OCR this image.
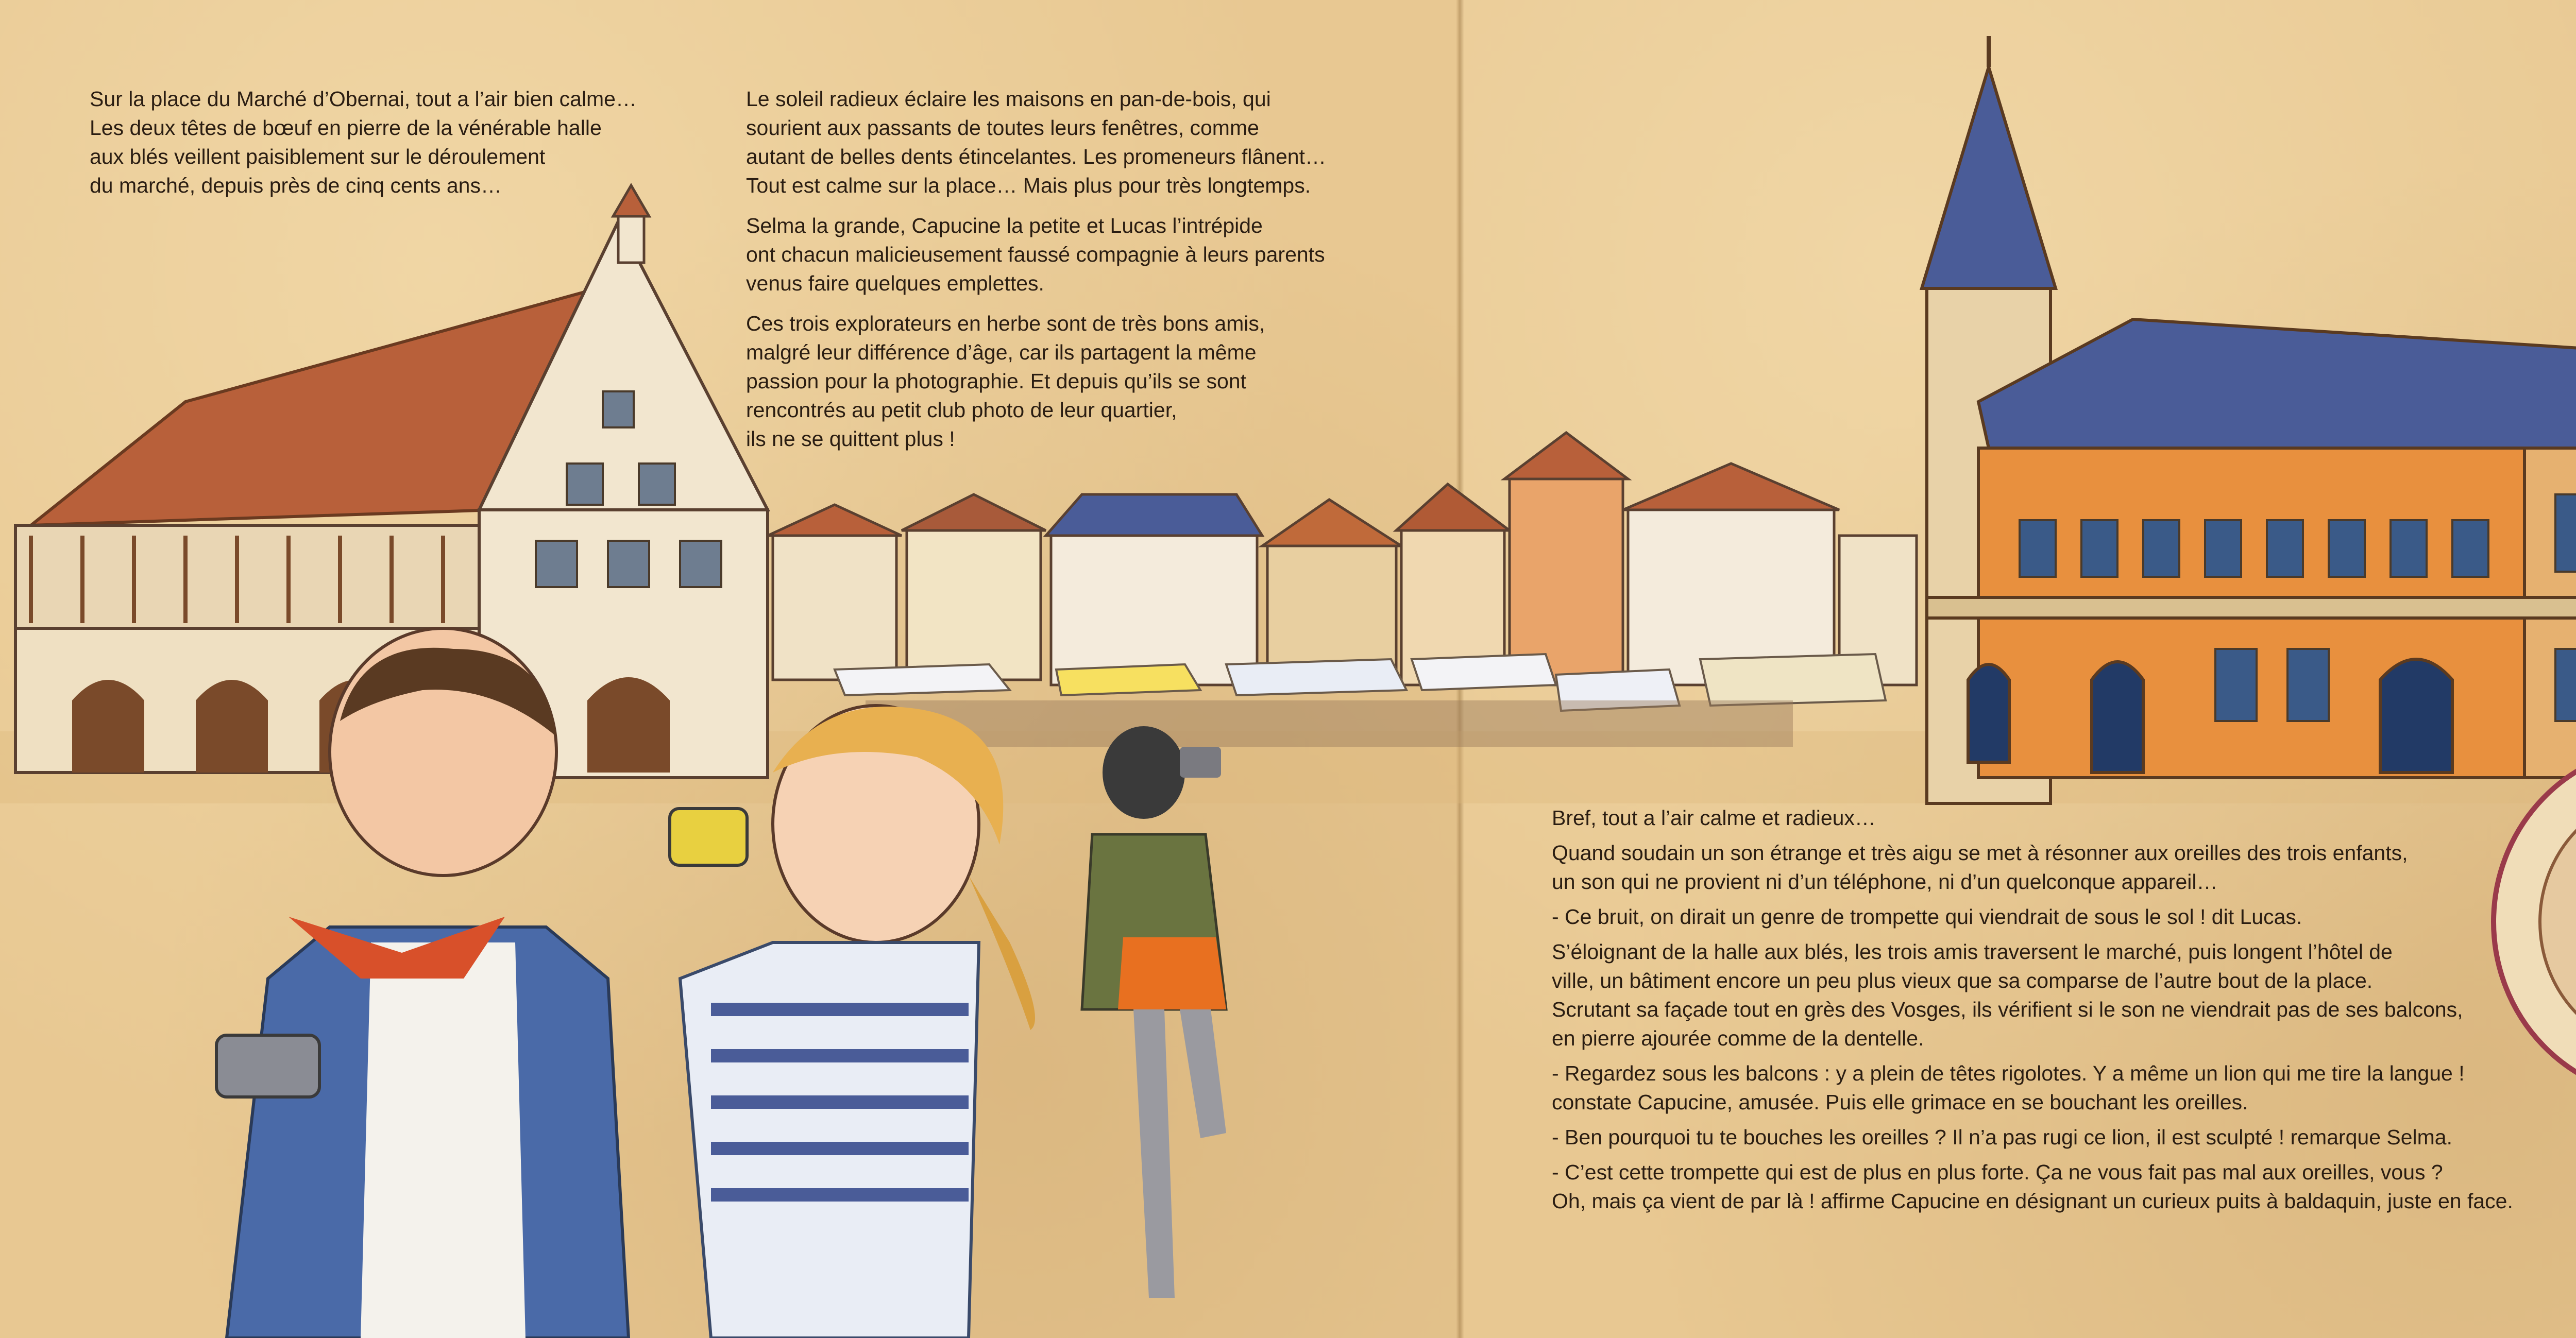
Sur la place du Marché d’Obernai, tout a l’air bien calme…
Les deux têtes de bœuf en pierre de la vénérable halle
aux blés veillent paisiblement sur le déroulement
du marché, depuis près de cinq cents ans…

Le soleil radieux éclaire les maisons en pan-de-bois, qui
sourient aux passants de toutes leurs fenêtres, comme
autant de belles dents étincelantes. Les promeneurs flânent…
Tout est calme sur la place… Mais plus pour très longtemps.

Selma la grande, Capucine la petite et Lucas l’intrépide
ont chacun malicieusement faussé compagnie à leurs parents
venus faire quelques emplettes.

Ces trois explorateurs en herbe sont de très bons amis,
malgré leur différence d’âge, car ils partagent la même
passion pour la photographie. Et depuis qu’ils se sont
rencontrés au petit club photo de leur quartier,
ils ne se quittent plus !

Bref, tout a l’air calme et radieux…

Quand soudain un son étrange et très aigu se met à résonner aux oreilles des trois enfants,
un son qui ne provient ni d’un téléphone, ni d’un quelconque appareil…

- Ce bruit, on dirait un genre de trompette qui viendrait de sous le sol ! dit Lucas.

S’éloignant de la halle aux blés, les trois amis traversent le marché, puis longent l’hôtel de
ville, un bâtiment encore un peu plus vieux que sa comparse de l’autre bout de la place.
Scrutant sa façade tout en grès des Vosges, ils vérifient si le son ne viendrait pas de ses balcons,
en pierre ajourée comme de la dentelle.

- Regardez sous les balcons : y a plein de têtes rigolotes. Y a même un lion qui me tire la langue !
constate Capucine, amusée. Puis elle grimace en se bouchant les oreilles.

- Ben pourquoi tu te bouches les oreilles ? Il n’a pas rugi ce lion, il est sculpté ! remarque Selma.

- C’est cette trompette qui est de plus en plus forte. Ça ne vous fait pas mal aux oreilles, vous ?
Oh, mais ça vient de par là ! affirme Capucine en désignant un curieux puits à baldaquin, juste en face.
